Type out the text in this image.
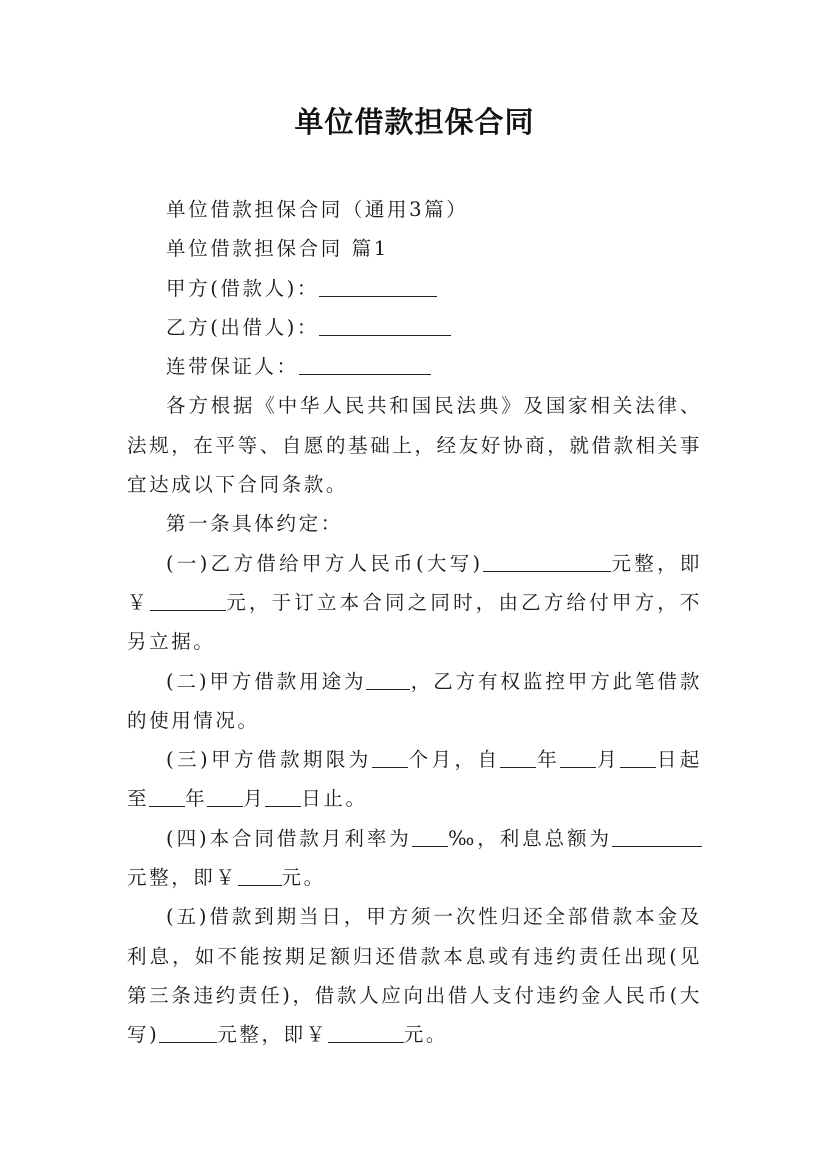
单位借款担保合同

单位借款担保合同（通用3篇）

单位借款担保合同 篇1

甲方(借款人)：

乙方(出借人)：

连带保证人：

各方根据《中华人民共和国民法典》及国家相关法律、法规，在平等、自愿的基础上，经友好协商，就借款相关事宜达成以下合同条款。

第一条具体约定：

(一)乙方借给甲方人民币(大写)	元整，即￥	元，于订立本合同之同时，由乙方给付甲方，不另立据。

(二)甲方借款用途为 ，乙方有权监控甲方此笔借款的使用情况。

(三)甲方借款期限为 个月，自 年 月 日起至 年 月 日止。

(四)本合同借款月利率为 ‰，利息总额为元整，即￥ 元。

(五)借款到期当日，甲方须一次性归还全部借款本金及利息，如不能按期足额归还借款本息或有违约责任出现(见第三条违约责任)，借款人应向出借人支付违约金人民币(大写)	元整，即￥	元。
